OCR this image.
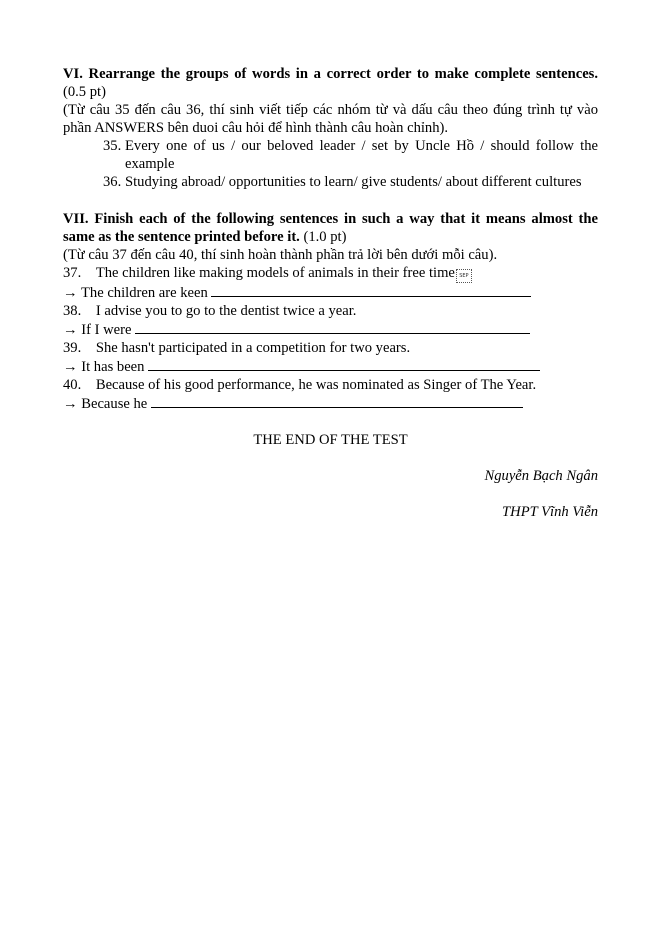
VI. Rearrange the groups of words in a correct order to make complete sentences. (0.5 pt)
(Từ câu 35 đến câu 36, thí sinh viết tiếp các nhóm từ và dấu câu theo đúng trình tự vào phần ANSWERS bên duoi câu hỏi để hình thành câu hoàn chỉnh).
35. Every one of us / our beloved leader / set by Uncle Hồ / should follow the example
36. Studying abroad/ opportunities to learn/ give students/ about different cultures
VII. Finish each of the following sentences in such a way that it means almost the same as the sentence printed before it. (1.0 pt)
(Từ câu 37 đến câu 40, thí sinh hoàn thành phần trả lời bên dưới mỗi câu).
37. The children like making models of animals in their free time SEP
→ The children are keen
38. I advise you to go to the dentist twice a year.
→ If I were
39. She hasn't participated in a competition for two years.
→ It has been
40. Because of his good performance, he was nominated as Singer of The Year.
→ Because he
THE END OF THE TEST
Nguyễn Bạch Ngân
THPT Vĩnh Viễn
